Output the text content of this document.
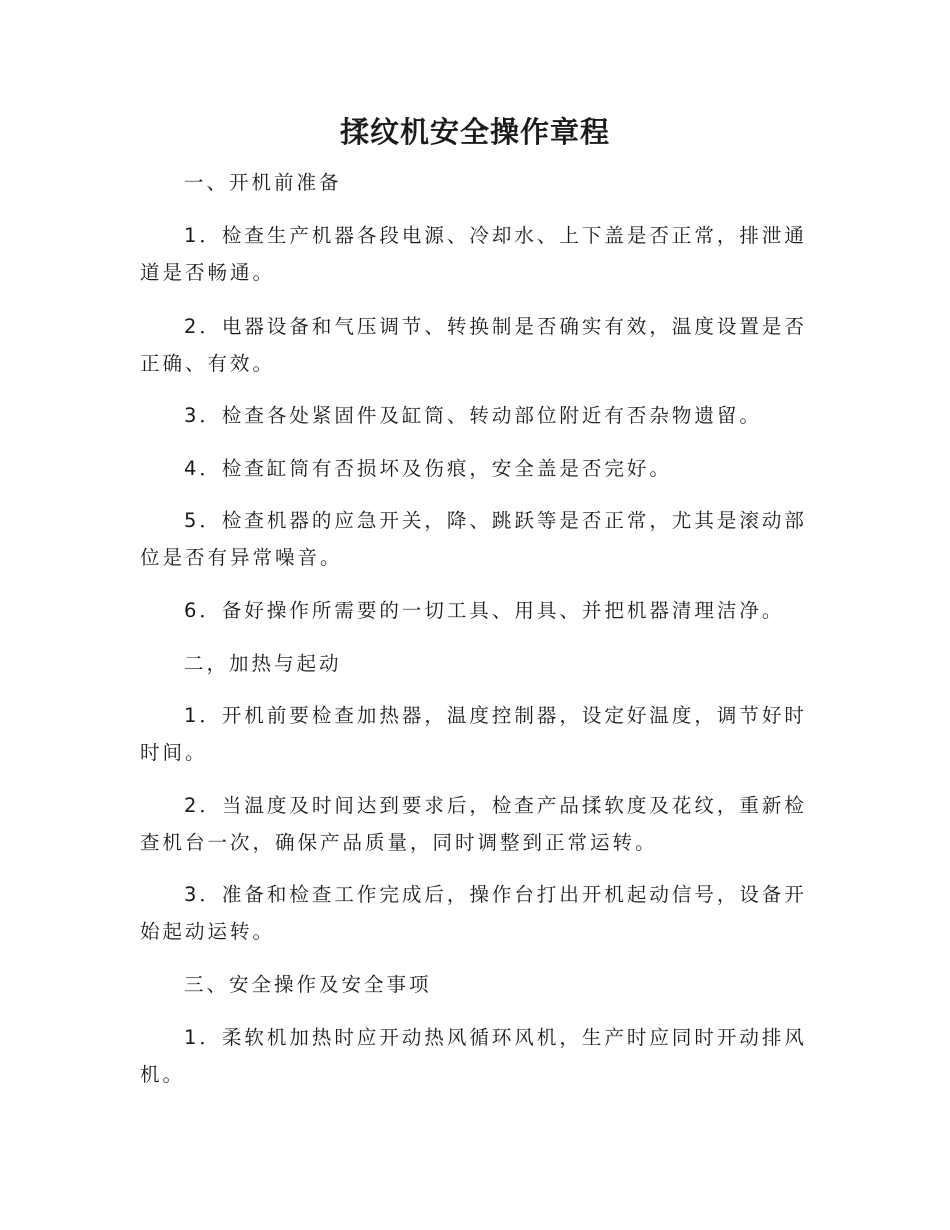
揉纹机安全操作章程

一、开机前准备

1．检查生产机器各段电源、冷却水、上下盖是否正常，排泄通道是否畅通。

2．电器设备和气压调节、转换制是否确实有效，温度设置是否正确、有效。

3．检查各处紧固件及缸筒、转动部位附近有否杂物遗留。

4．检查缸筒有否损坏及伤痕，安全盖是否完好。

5．检查机器的应急开关，降、跳跃等是否正常，尤其是滚动部位是否有异常噪音。

6．备好操作所需要的一切工具、用具、并把机器清理洁净。

二，加热与起动

1．开机前要检查加热器，温度控制器，设定好温度，调节好时时间。

2．当温度及时间达到要求后，检查产品揉软度及花纹，重新检查机台一次，确保产品质量，同时调整到正常运转。

3．准备和检查工作完成后，操作台打出开机起动信号，设备开始起动运转。

三、安全操作及安全事项

1．柔软机加热时应开动热风循环风机，生产时应同时开动排风机。
